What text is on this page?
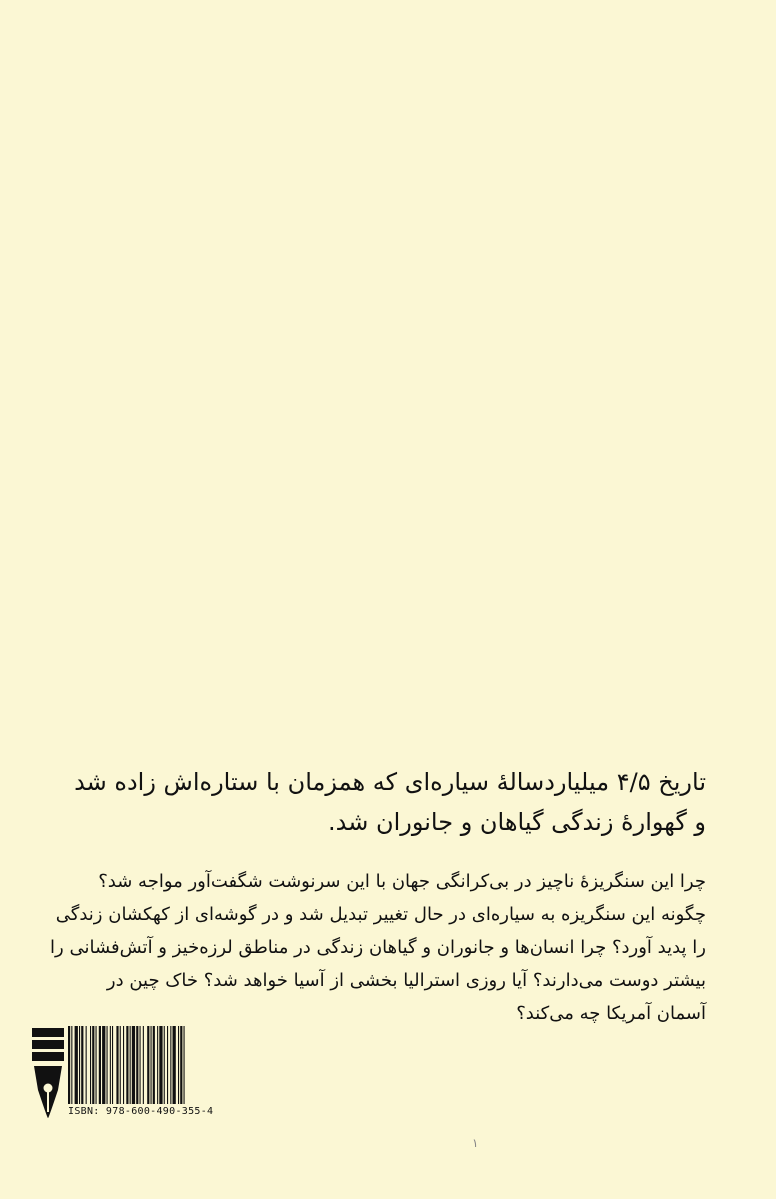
تاریخ ۴/۵ میلیاردسالهٔ سیاره‌ای که همزمان با ستاره‌اش زاده شد
و گهوارهٔ زندگی گیاهان و جانوران شد.
چرا این سنگریزهٔ ناچیز در بی‌کرانگی جهان با این سرنوشت شگفت‌آور مواجه شد؟
چگونه این سنگریزه به سیاره‌ای در حال تغییر تبدیل شد و در گوشه‌ای از کهکشان زندگی
را پدید آورد؟ چرا انسان‌ها و جانوران و گیاهان زندگی در مناطق لرزه‌خیز و آتش‌فشانی را
بیشتر دوست می‌دارند؟ آیا روزی استرالیا بخشی از آسیا خواهد شد؟ خاک چین در
آسمان آمریکا چه می‌کند؟
ISBN: 978-600-490-355-4
۱
